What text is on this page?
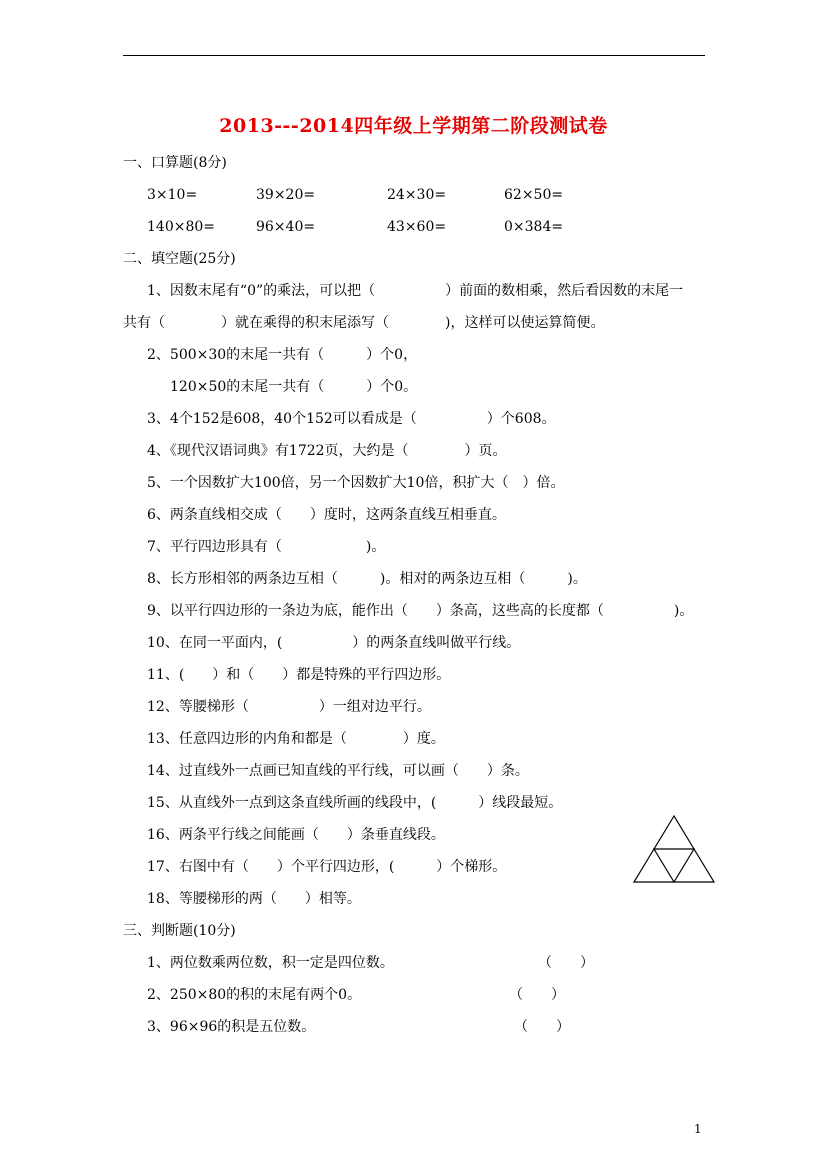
2013---2014四年级上学期第二阶段测试卷
一、口算题(8分)
3×10=	39×20=	24×30=	62×50=
140×80=	96×40=	43×60=	0×384=
二、填空题(25分)
1、因数末尾有“0”的乘法，可以把（　　　　　）前面的数相乘，然后看因数的末尾一
共有（　　　　）就在乘得的积末尾添写（　　　　)，这样可以使运算简便。
2、500×30的末尾一共有（　　　）个0，
120×50的末尾一共有（　　　）个0。
3、4个152是608，40个152可以看成是（　　　　　）个608。
4、《现代汉语词典》有1722页，大约是（　　　　）页。
5、一个因数扩大100倍，另一个因数扩大10倍，积扩大（　）倍。
6、两条直线相交成（　　）度时，这两条直线互相垂直。
7、平行四边形具有（　　　　　　)。
8、长方形相邻的两条边互相（　　　)。相对的两条边互相（　　　)。
9、以平行四边形的一条边为底，能作出（　　）条高，这些高的长度都（　　　　　)。
10、在同一平面内，(　　　　　）的两条直线叫做平行线。
11、(　　）和（　　）都是特殊的平行四边形。
12、等腰梯形（　　　　　）一组对边平行。
13、任意四边形的内角和都是（　　　　）度。
14、过直线外一点画已知直线的平行线，可以画（　　）条。
15、从直线外一点到这条直线所画的线段中，(　　　）线段最短。
16、两条平行线之间能画（　　）条垂直线段。
17、右图中有（　　）个平行四边形，(　　　）个梯形。
18、等腰梯形的两（　　）相等。
三、判断题(10分)
1、两位数乘两位数，积一定是四位数。	（　　）
2、250×80的积的末尾有两个0。	（　　）
3、96×96的积是五位数。	（　　）
1
